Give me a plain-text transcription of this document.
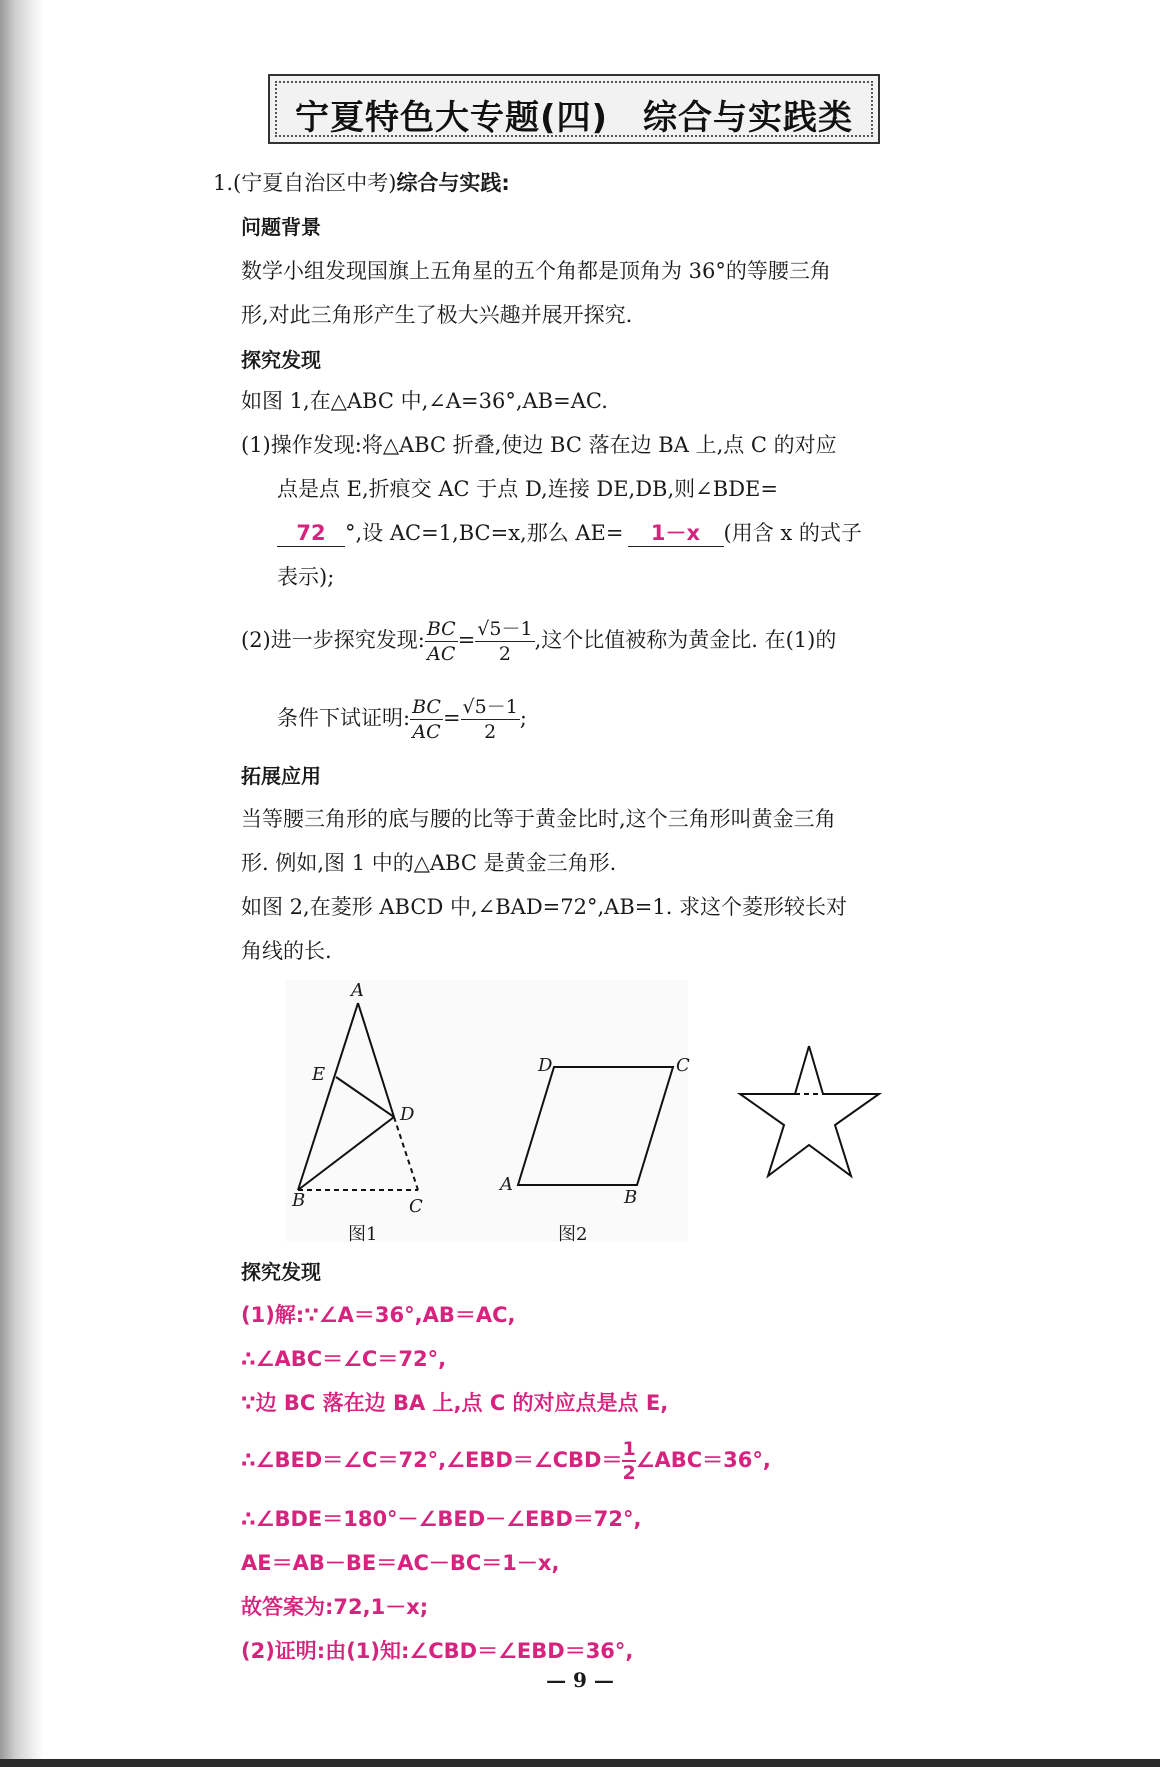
宁夏特色大专题(四)　综合与实践类
1.(宁夏自治区中考)综合与实践:
问题背景
数学小组发现国旗上五角星的五个角都是顶角为 36°的等腰三角
形,对此三角形产生了极大兴趣并展开探究.
探究发现
如图 1,在△ABC 中,∠A=36°,AB=AC.
(1)操作发现:将△ABC 折叠,使边 BC 落在边 BA 上,点 C 的对应
点是点 E,折痕交 AC 于点 D,连接 DE,DB,则∠BDE=
72 °,设 AC=1,BC=x,那么 AE= 1－x (用含 x 的式子
表示);
(2)进一步探究发现: $\frac{BC}{AC} = \frac{√5-1}{2}$ ,这个比值被称为黄金比. 在(1)的
条件下试证明: $\frac{BC}{AC} = \frac{√5-1}{2}$ ;
拓展应用
当等腰三角形的底与腰的比等于黄金比时,这个三角形叫黄金三角
形. 例如,图 1 中的△ABC 是黄金三角形.
如图 2,在菱形 ABCD 中,∠BAD=72°,AB=1. 求这个菱形较长对
角线的长.
A
E
D
B	C
图1
D	C
A
B
图2
探究发现
(1)解:∵∠A＝36°,AB＝AC,
∴∠ABC＝∠C＝72°,
∵边 BC 落在边 BA 上,点 C 的对应点是点 E,
∴∠BED＝∠C＝72°,∠EBD＝∠CBD＝ $\frac{1}{2}$ ∠ABC＝36°,
∴∠BDE＝180°－∠BED－∠EBD＝72°,
AE＝AB－BE＝AC－BC＝1－x,
故答案为:72,1－x;
(2)证明:由(1)知:∠CBD＝∠EBD＝36°,
— 9 —
